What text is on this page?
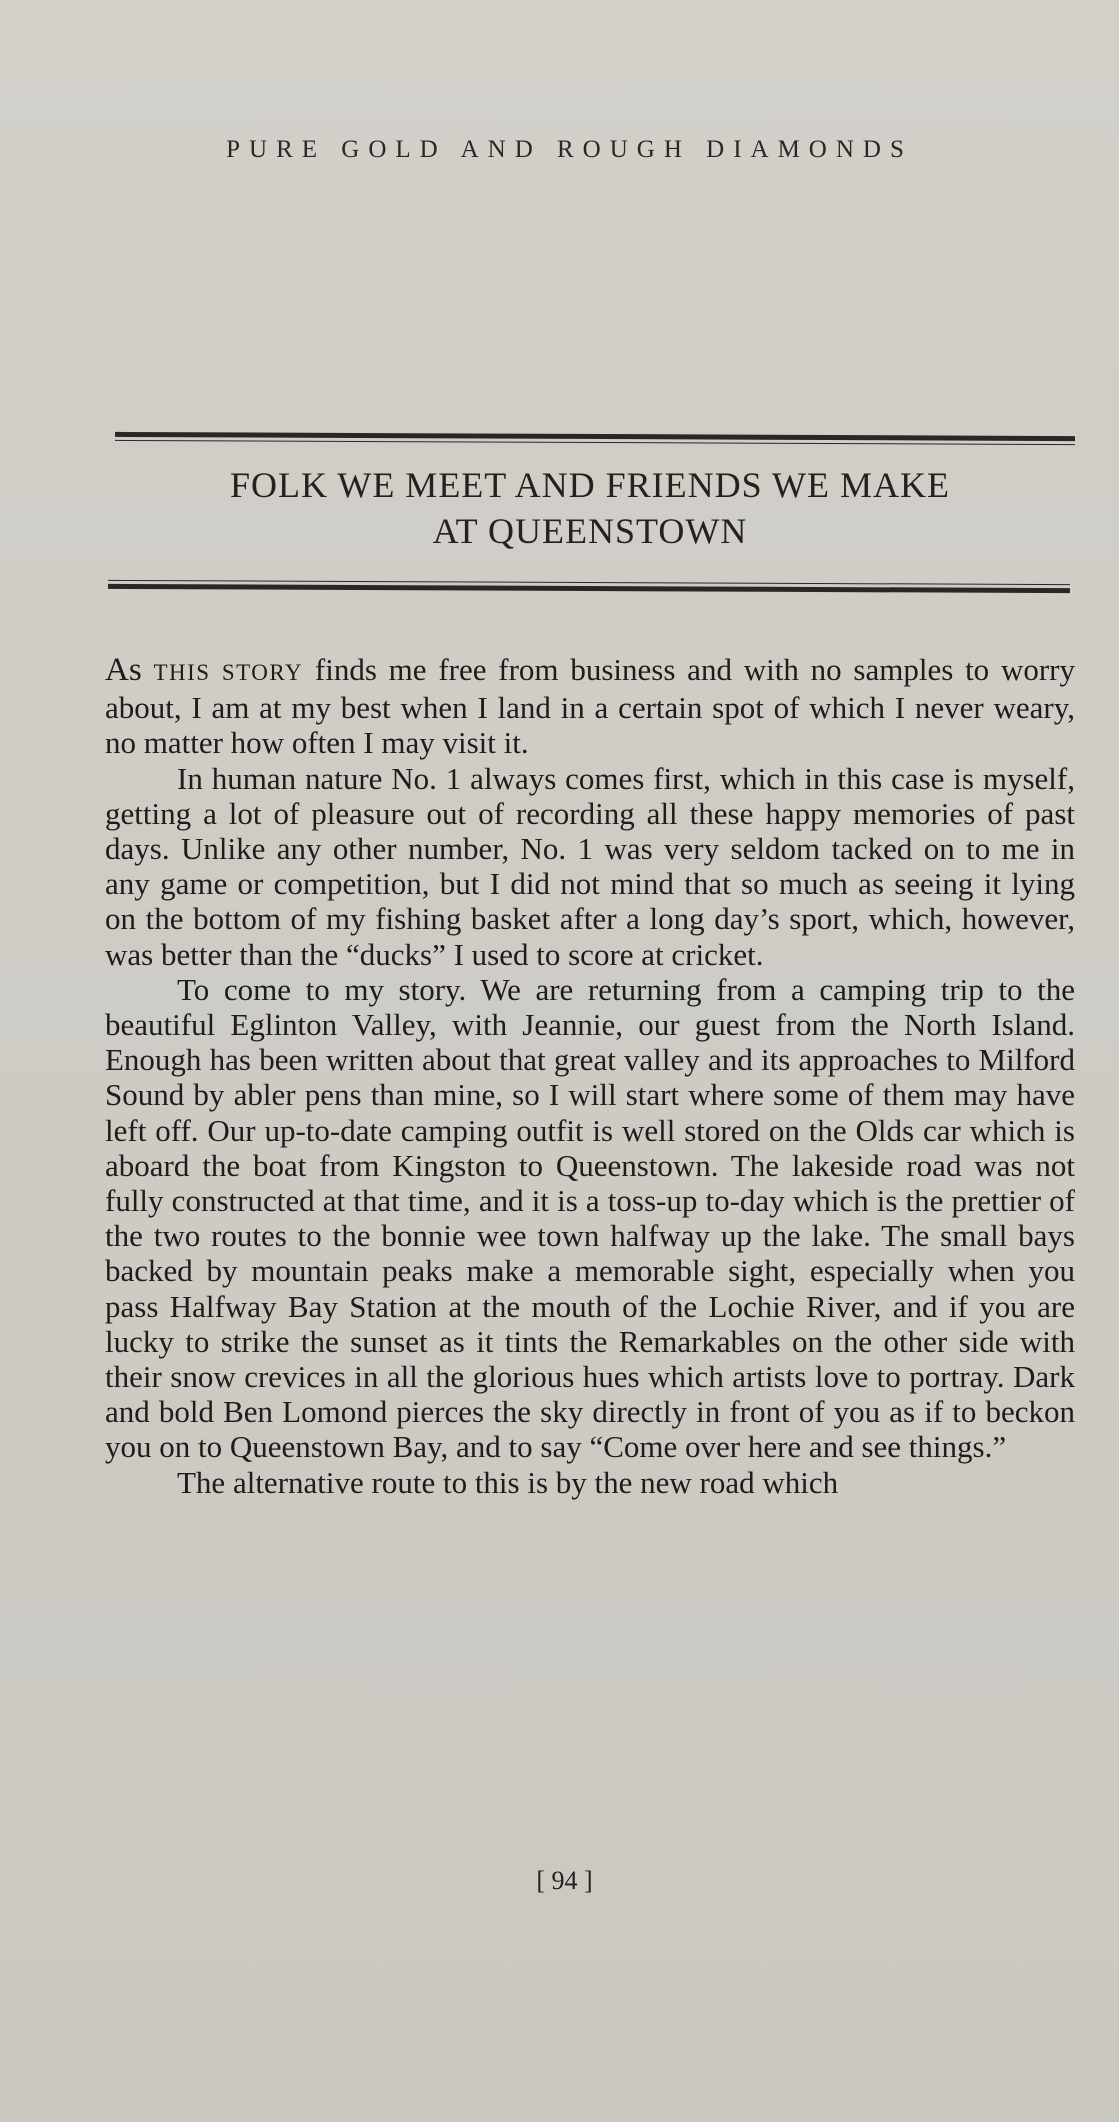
PURE GOLD AND ROUGH DIAMONDS
FOLK WE MEET AND FRIENDS WE MAKE
AT QUEENSTOWN

As THIS STORY finds me free from business and with no samples to worry about, I am at my best when I land in a certain spot of which I never weary, no matter how often I may visit it.

In human nature No. 1 always comes first, which in this case is myself, getting a lot of pleasure out of recording all these happy memories of past days. Unlike any other number, No. 1 was very seldom tacked on to me in any game or competition, but I did not mind that so much as seeing it lying on the bottom of my fishing basket after a long day’s sport, which, however, was better than the “ducks” I used to score at cricket.

To come to my story. We are returning from a camping trip to the beautiful Eglinton Valley, with Jeannie, our guest from the North Island. Enough has been written about that great valley and its approaches to Milford Sound by abler pens than mine, so I will start where some of them may have left off. Our up-to-date camping outfit is well stored on the Olds car which is aboard the boat from Kingston to Queenstown. The lakeside road was not fully constructed at that time, and it is a toss-up to-day which is the prettier of the two routes to the bonnie wee town halfway up the lake. The small bays backed by mountain peaks make a memorable sight, especially when you pass Halfway Bay Station at the mouth of the Lochie River, and if you are lucky to strike the sunset as it tints the Remarkables on the other side with their snow crevices in all the glorious hues which artists love to portray. Dark and bold Ben Lomond pierces the sky directly in front of you as if to beckon you on to Queenstown Bay, and to say “Come over here and see things.”

The alternative route to this is by the new road which

[ 94 ]
